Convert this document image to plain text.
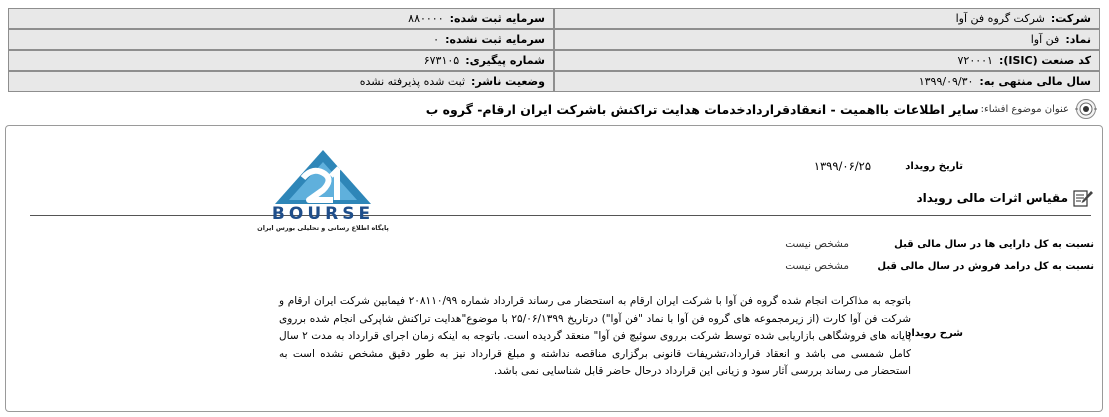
شرکت:شرکت گروه فن آوا
سرمایه ثبت شده:۸۸۰۰۰۰
نماد:فن آوا
سرمایه ثبت نشده:۰
کد صنعت (ISIC):۷۲۰۰۰۱
شماره پیگیری:۶۷۳۱۰۵
سال مالی منتهی به:۱۳۹۹/۰۹/۳۰
وضعیت ناشر:ثبت شده پذیرفته نشده
عنوان موضوع افشاء:
سایر اطلاعات بااهمیت - انعقادقراردادخدمات هدایت تراکنش باشرکت ایران ارقام- گروه ب
تاریخ رویداد
۱۳۹۹/۰۶/۲۵
مقیاس اثرات مالی رویداد
نسبت به کل دارایی ها در سال مالی قبل
مشخص نیست
نسبت به کل درامد فروش در سال مالی قبل
مشخص نیست
شرح رویداد

باتوجه به مذاکرات انجام شده گروه فن آوا با شرکت ایران ارقام به استحضار می رساند قرارداد شماره ۲۰۸۱۱۰/۹۹ فیمابین شرکت ایران ارقام و شرکت فن آوا کارت (از زیرمجموعه های گروه فن آوا با نماد "فن آوا") درتاریخ ۲۵/۰۶/۱۳۹۹ با موضوع"هدایت تراکنش شاپرکی انجام شده برروی پایانه های فروشگاهی بازاریابی شده توسط شرکت برروی سوئیچ فن آوا" منعقد گردیده است. باتوجه به اینکه زمان اجرای قرارداد به مدت ۲ سال کامل شمسی می باشد و انعقاد قرارداد،تشریفات قانونی برگزاری مناقصه نداشته و مبلغ قرارداد نیز به طور دقیق مشخص نشده است به استحضار می رساند بررسی آثار سود و زیانی این قرارداد درحال حاضر قابل شناسایی نمی باشد.

BOURSE
پایگاه اطلاع رسانی و تحلیلی بورس ایران
